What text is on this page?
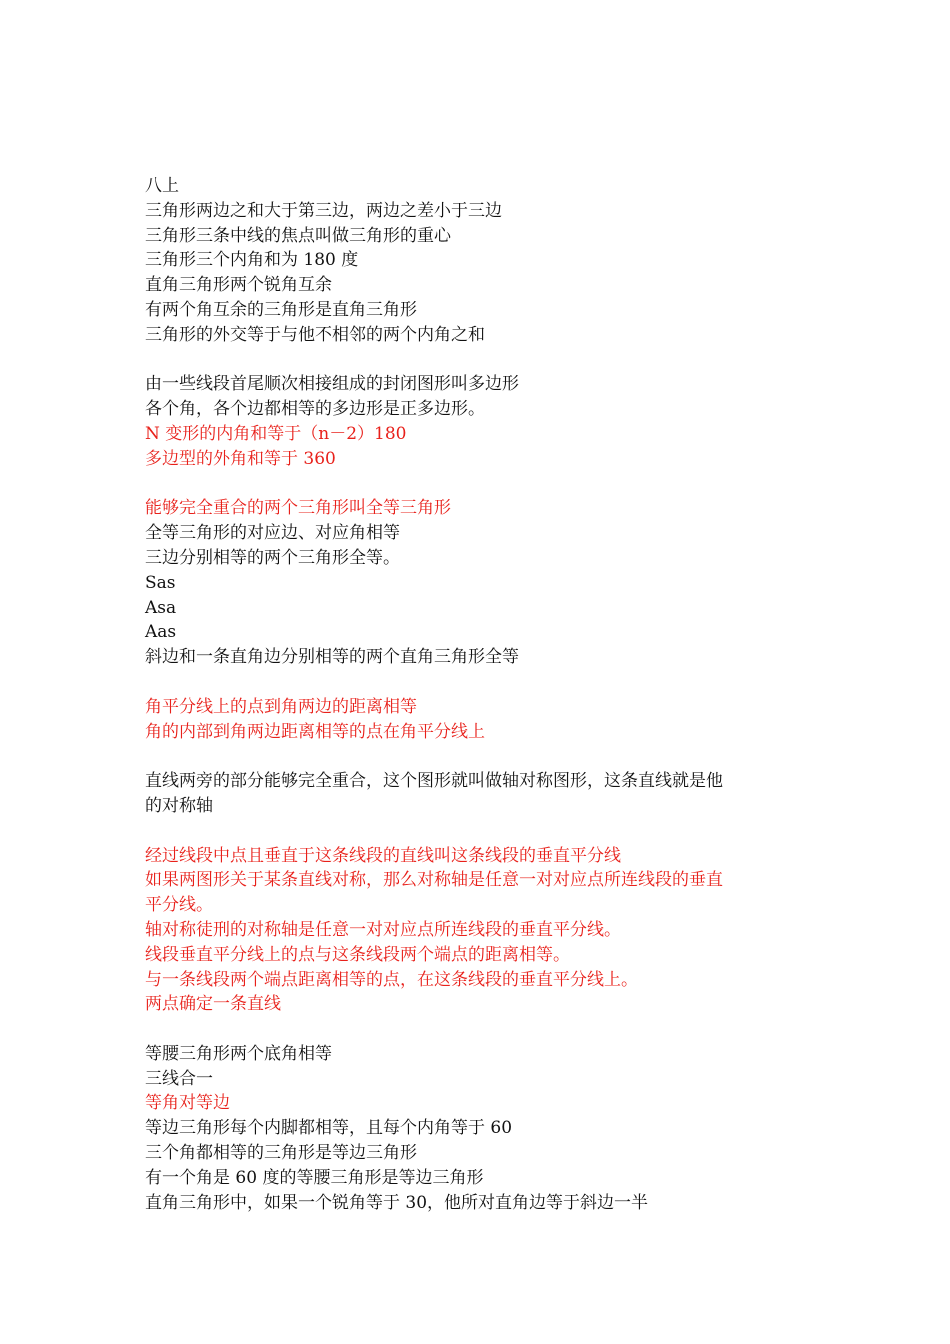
八上
三角形两边之和大于第三边，两边之差小于三边
三角形三条中线的焦点叫做三角形的重心
三角形三个内角和为 180 度
直角三角形两个锐角互余
有两个角互余的三角形是直角三角形
三角形的外交等于与他不相邻的两个内角之和
由一些线段首尾顺次相接组成的封闭图形叫多边形
各个角，各个边都相等的多边形是正多边形。
N 变形的内角和等于（n－2）180
多边型的外角和等于 360
能够完全重合的两个三角形叫全等三角形
全等三角形的对应边、对应角相等
三边分别相等的两个三角形全等。
Sas
Asa
Aas
斜边和一条直角边分别相等的两个直角三角形全等
角平分线上的点到角两边的距离相等
角的内部到角两边距离相等的点在角平分线上
直线两旁的部分能够完全重合，这个图形就叫做轴对称图形，这条直线就是他
的对称轴
经过线段中点且垂直于这条线段的直线叫这条线段的垂直平分线
如果两图形关于某条直线对称，那么对称轴是任意一对对应点所连线段的垂直
平分线。
轴对称徒刑的对称轴是任意一对对应点所连线段的垂直平分线。
线段垂直平分线上的点与这条线段两个端点的距离相等。
与一条线段两个端点距离相等的点，在这条线段的垂直平分线上。
两点确定一条直线
等腰三角形两个底角相等
三线合一
等角对等边
等边三角形每个内脚都相等，且每个内角等于 60
三个角都相等的三角形是等边三角形
有一个角是 60 度的等腰三角形是等边三角形
直角三角形中，如果一个锐角等于 30，他所对直角边等于斜边一半
